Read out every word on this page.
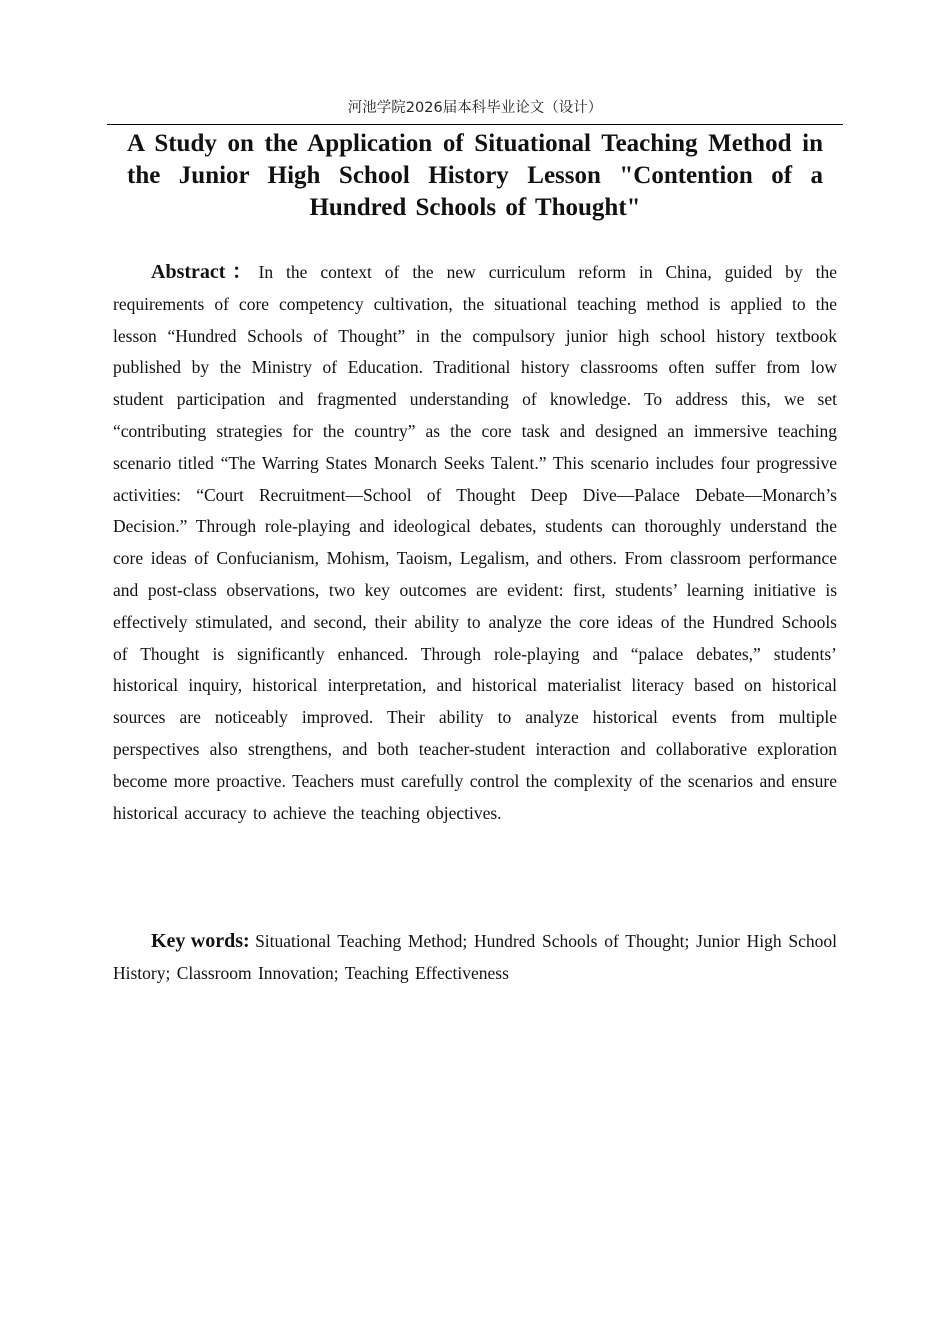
河池学院2026届本科毕业论文（设计）
A Study on the Application of Situational Teaching Method in the Junior High School History Lesson "Contention of a Hundred Schools of Thought"

Abstract：In the context of the new curriculum reform in China, guided by the requirements of core competency cultivation, the situational teaching method is applied to the lesson “Hundred Schools of Thought” in the compulsory junior high school history textbook published by the Ministry of Education. Traditional history classrooms often suffer from low student participation and fragmented understanding of knowledge. To address this, we set “contributing strategies for the country” as the core task and designed an immersive teaching scenario titled “The Warring States Monarch Seeks Talent.” This scenario includes four progressive activities: “Court Recruitment—School of Thought Deep Dive—Palace Debate—Monarch’s Decision.” Through role-playing and ideological debates, students can thoroughly understand the core ideas of Confucianism, Mohism, Taoism, Legalism, and others. From classroom performance and post-class observations, two key outcomes are evident: first, students’ learning initiative is effectively stimulated, and second, their ability to analyze the core ideas of the Hundred Schools of Thought is significantly enhanced. Through role-playing and “palace debates,” students’ historical inquiry, historical interpretation, and historical materialist literacy based on historical sources are noticeably improved. Their ability to analyze historical events from multiple perspectives also strengthens, and both teacher-student interaction and collaborative exploration become more proactive. Teachers must carefully control the complexity of the scenarios and ensure historical accuracy to achieve the teaching objectives.

Key words: Situational Teaching Method; Hundred Schools of Thought; Junior High School History; Classroom Innovation; Teaching Effectiveness
